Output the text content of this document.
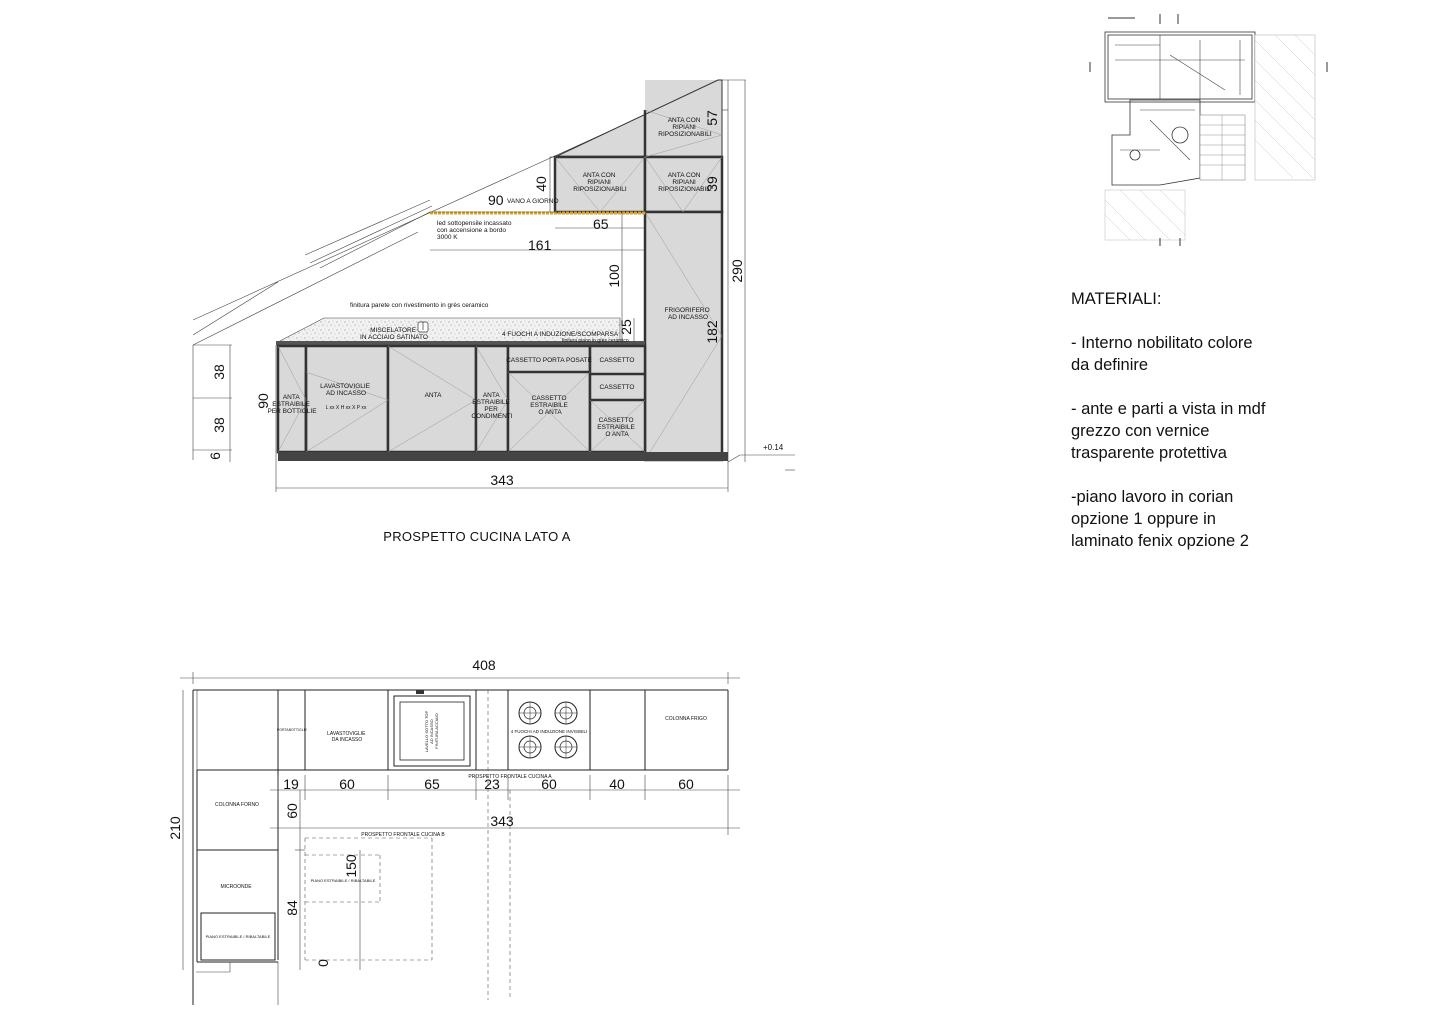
ANTA CON RIPIANI RIPOSIZIONABILI
ANTA CON RIPIANI RIPOSIZIONABILI
ANTA CON RIPIANI RIPOSIZIONABILI
57
39
40
90 VANO A GIORNO
led sottopensile incassato con accensione a bordo 3000 K
65
161
100
finitura parete con rivestimento in grès ceramico
MISCELATORE IN ACCIAIO SATINATO	4 FUOCHI A INDUZIONE/SCOMPARSA
finitura piano in grès ceramico
25
FRIGORIFERO AD INCASSO
182
290
ANTA ESTRAIBILE PER BOTTIGLIE
LAVASTOVIGLIE AD INCASSO
L xx X H xx X P xx
ANTA	ANTA ESTRAIBILE PER CONDIMENTI
CASSETTO PORTA POSATE
CASSETTO ESTRAIBILE O ANTA
CASSETTO
CASSETTO
CASSETTO ESTRAIBILE O ANTA
38
38
6
90
343
+0.14
PROSPETTO CUCINA LATO A
408
19	60	65	23	60	40	60
343
210
60
84
150
0
PROSPETTO FRONTALE CUCINA A
PROSPETTO FRONTALE CUCINA B
PORTABOTTIGLIE
LAVASTOVIGLIE DA INCASSO	LAVELLO SOTTO TOP AD INCASSO FINITURA ACCIAIO	4 FUOCHI AD INDUZIONE INVISIBILI
COLONNA FRIGO
COLONNA FORNO
MICROONDE
PIANO ESTRAIBILE / RIBALTABILE
PIANO ESTRAIBILE / RIBALTABILE
MATERIALI:
- Interno nobilitato colore
da definire
- ante e parti a vista in mdf
grezzo con vernice
trasparente protettiva
-piano lavoro in corian
opzione 1 oppure in
laminato fenix opzione 2
